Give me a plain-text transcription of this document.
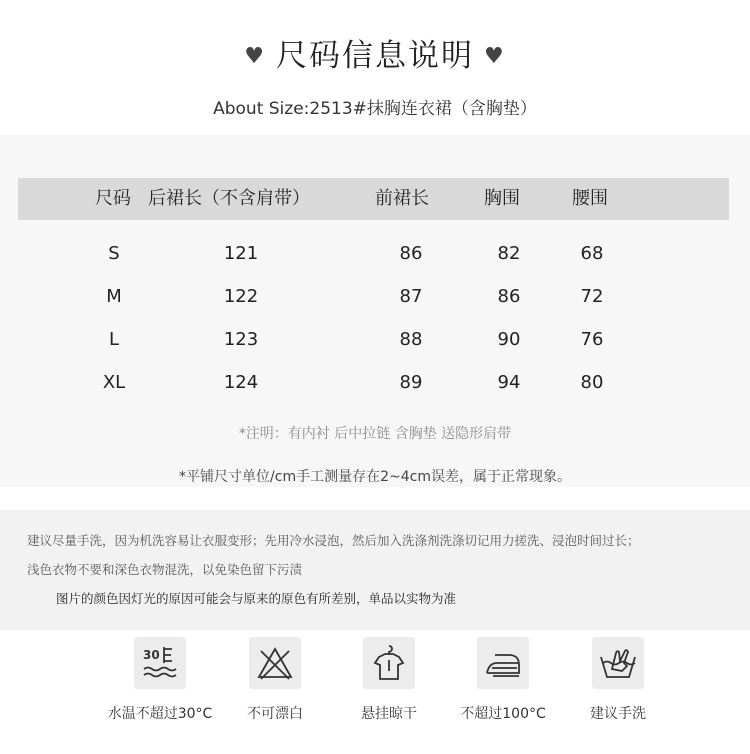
♥ 尺码信息说明 ♥
About Size:2513#抹胸连衣裙（含胸垫）
尺码 后裙长（不含肩带）	前裙长	胸围	腰围
S	121	86	82	68
M	122	87	86	72
L	123	88	90	76
XL	124	89	94	80
*注明：有内衬 后中拉链 含胸垫 送隐形肩带
*平铺尺寸单位/cm手工测量存在2~4cm误差，属于正常现象。
建议尽量手洗，因为机洗容易让衣服变形；先用冷水浸泡，然后加入洗涤剂洗涤切记用力搓洗、浸泡时间过长；
浅色衣物不要和深色衣物混洗，以免染色留下污渍
图片的颜色因灯光的原因可能会与原来的原色有所差别，单品以实物为准
30
水温不超过30°C	不可漂白	悬挂晾干	不超过100°C	建议手洗
